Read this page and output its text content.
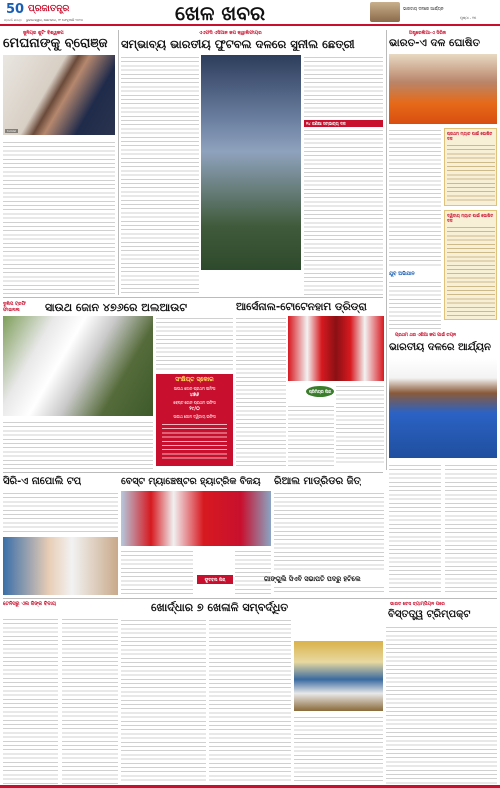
50 ପ୍ରଜାତନ୍ତ୍ର
ପ୍ରଗତି ଯାତ୍ରା ଭୁବନେଶ୍ୱର, ସୋମବାର, ୨୯ ଫେବୃଆରି ୨୦୨୪	ଖେଳ ଖବର	ଭାରତୀୟ ଦଳରେ ଆର୍ଯ୍ୟନ
ପୃଷ୍ଠା - ୧୫
ଜୁନିୟର ଶୁଟିଂ ବିଶ୍ୱକପ
ମେଘନାଙ୍କୁ ବ୍ରୋଞ୍ଜ
ମେଘନା
ଏଏଫସି ଏସିଆନ କପ କ୍ୱାଲିଫାୟର
ସମ୍ଭାବ୍ୟ ଭାରତୀୟ ଫୁଟବଲ ଦଳରେ ସୁନୀଲ ଛେତ୍ରୀ
୨୪ ଜଣିଆ ସମ୍ଭାବ୍ୟ ଦଳ
ଅଷ୍ଟ୍ରେଲିଆ-ଏ ସିରିଜ
ଭାରତ-ଏ ଦଳ ଘୋଷିତ
ପ୍ରଥମ ମ୍ୟାଚ ପାଇଁ ଘୋଷିତ ଦଳ
ଯୁବ ଅଭିଯାନ
ଦ୍ୱିତୀୟ ମ୍ୟାଚ ପାଇଁ ଘୋଷିତ ଦଳ
ଦୁଲିପ ଟ୍ରଫି ଫାଇନାଲ	ସାଉଥ ଜୋନ ୪୭୬ରେ ଅଲଆଉଟ
ସଂକ୍ଷିପ୍ତ ସ୍କୋର
ସାଉଥ ଜୋନ ପ୍ରଥମ ଇନିଂସ
୪୭୬
ଵେଷ୍ଟ ଜୋନ ପ୍ରଥମ ଇନିଂସ
୨୯/୦
ସାଉଥ ଜୋନ ଦ୍ୱିତୀୟ ଇନିଂସ
ଆର୍ସେନାଲ-ଟୋଟେନହାମ ଡ୍ରିଡ୍ରା
ପ୍ରିମିୟର ଲିଗ
ପ୍ରଥମ ଥର ଏଶିଆ କପ ପାଇଁ ଚୟନ
ଭାରତୀୟ ଦଳରେ ଆର୍ଯ୍ୟନ
ସିରି-ଏ ନାପୋଲି ଟପ୍	ବେସ୍ଟ ମ୍ୟାଞ୍ଚେଷ୍ଟର ହ୍ୟାଟ୍ରିକ ବିଜୟ
ଫୁଟବଲ ଲିଗ୍
ରିଆଲ ମାଡ୍ରିଡର ଜିତ୍
ଗାଙ୍ଗୁଲି ସିଏବି ସଭାପତି ପଦରୁ ହଟିଲେ
ଟେନିସରୁ ଏଲ ଜିଙ୍କ ବିଦାୟ	ଖୋର୍ଦ୍ଧାର ୭ ଖେଳାଳି ସମ୍ବର୍ଦ୍ଧିତ	ଭାରତ ଚେସ ଚ୍ୟାମ୍ପିୟନ ପରେ
ବିସ୍ତତ୍ତ୍ୱ ଟ୍ରିମ୍ପକ୍ଟ
